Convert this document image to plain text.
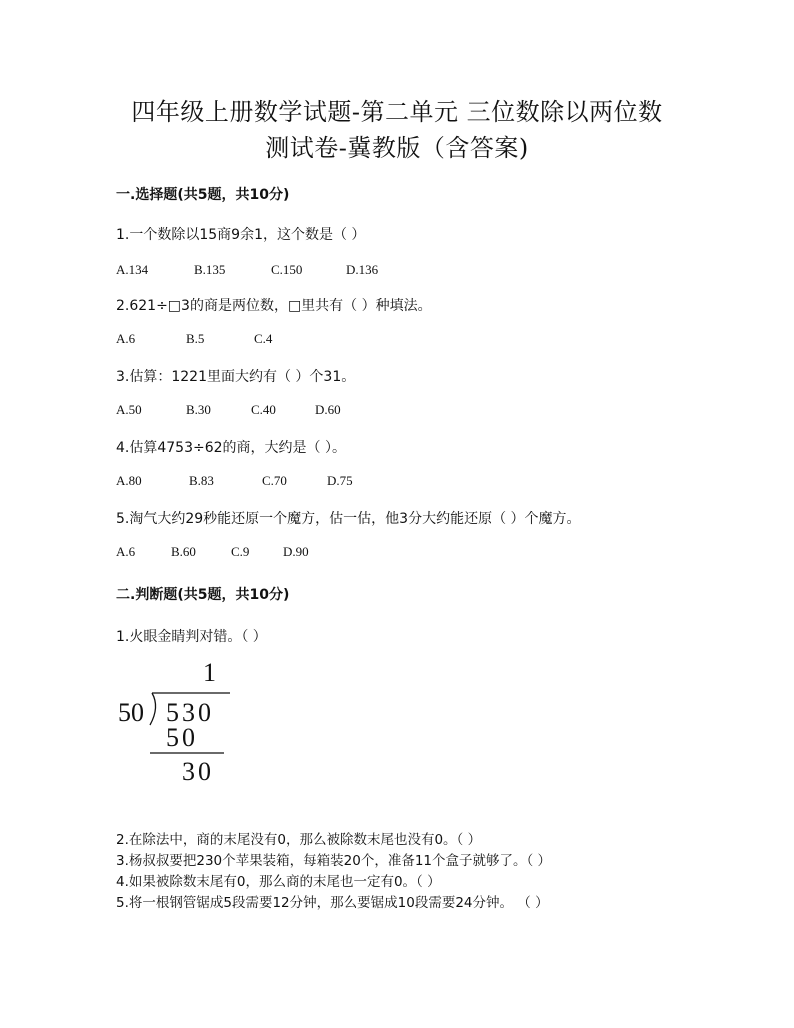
四年级上册数学试题-第二单元 三位数除以两位数
测试卷-冀教版（含答案)
一.选择题(共5题，共10分)
1.一个数除以15商9余1，这个数是（ ）
A.134	B.135	C.150	D.136
2.621÷□3的商是两位数，□里共有（ ）种填法。
A.6	B.5	C.4
3.估算：1221里面大约有（ ）个31。
A.50	B.30	C.40	D.60
4.估算4753÷62的商，大约是（ ）。
A.80	B.83	C.70	D.75
5.淘气大约29秒能还原一个魔方，估一估，他3分大约能还原（ ）个魔方。
A.6	B.60	C.9	D.90
二.判断题(共5题，共10分)
1.火眼金睛判对错。（ ）
1
50 530
50
30
2.在除法中，商的末尾没有0，那么被除数末尾也没有0。（ ）
3.杨叔叔要把230个苹果装箱，每箱装20个，准备11个盒子就够了。（ ）
4.如果被除数末尾有0，那么商的末尾也一定有0。（ ）
5.将一根钢管锯成5段需要12分钟，那么要锯成10段需要24分钟。 （ ）
